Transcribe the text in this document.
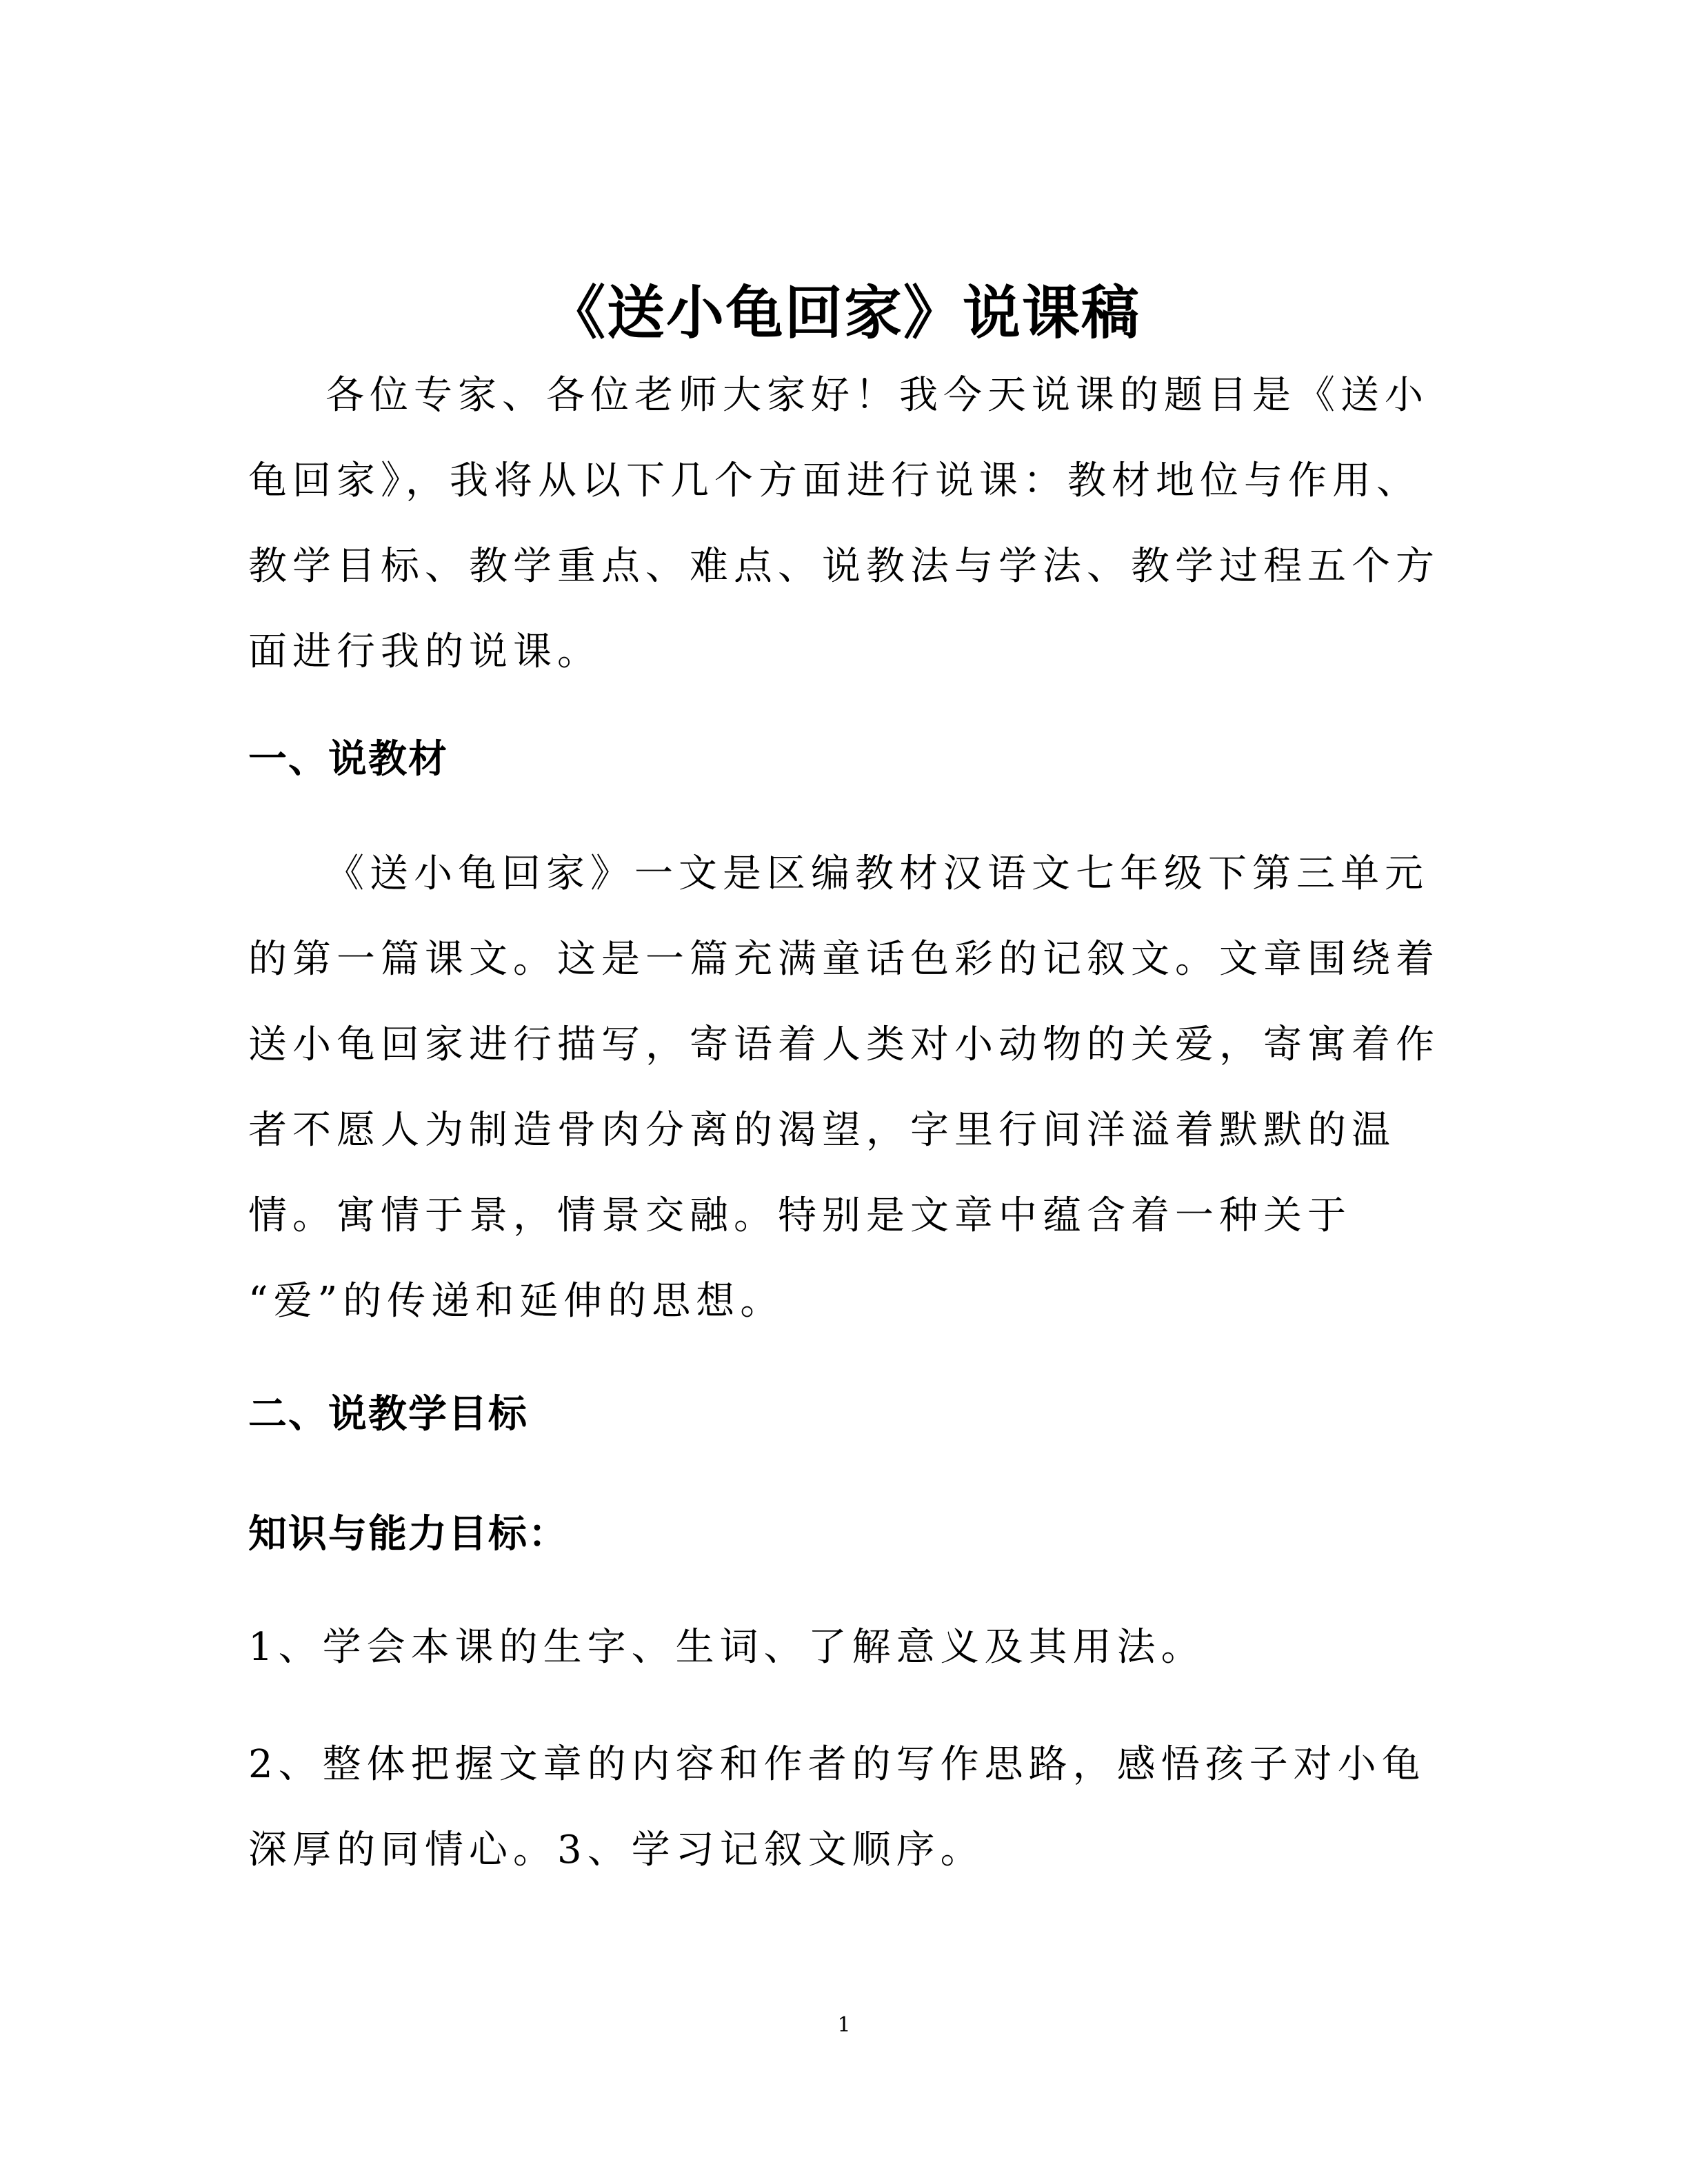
《送小龟回家》说课稿

各位专家、各位老师大家好！我今天说课的题目是《送小
龟回家》，我将从以下几个方面进行说课：教材地位与作用、
教学目标、教学重点、难点、说教法与学法、教学过程五个方
面进行我的说课。

一、说教材

《送小龟回家》一文是区编教材汉语文七年级下第三单元
的第一篇课文。这是一篇充满童话色彩的记叙文。文章围绕着
送小龟回家进行描写，寄语着人类对小动物的关爱，寄寓着作
者不愿人为制造骨肉分离的渴望，字里行间洋溢着默默的温
情。寓情于景，情景交融。特别是文章中蕴含着一种关于
“爱”的传递和延伸的思想。

二、说教学目标
知识与能力目标：

1、学会本课的生字、生词、了解意义及其用法。

2、整体把握文章的内容和作者的写作思路，感悟孩子对小龟
深厚的同情心。3、学习记叙文顺序。

1
